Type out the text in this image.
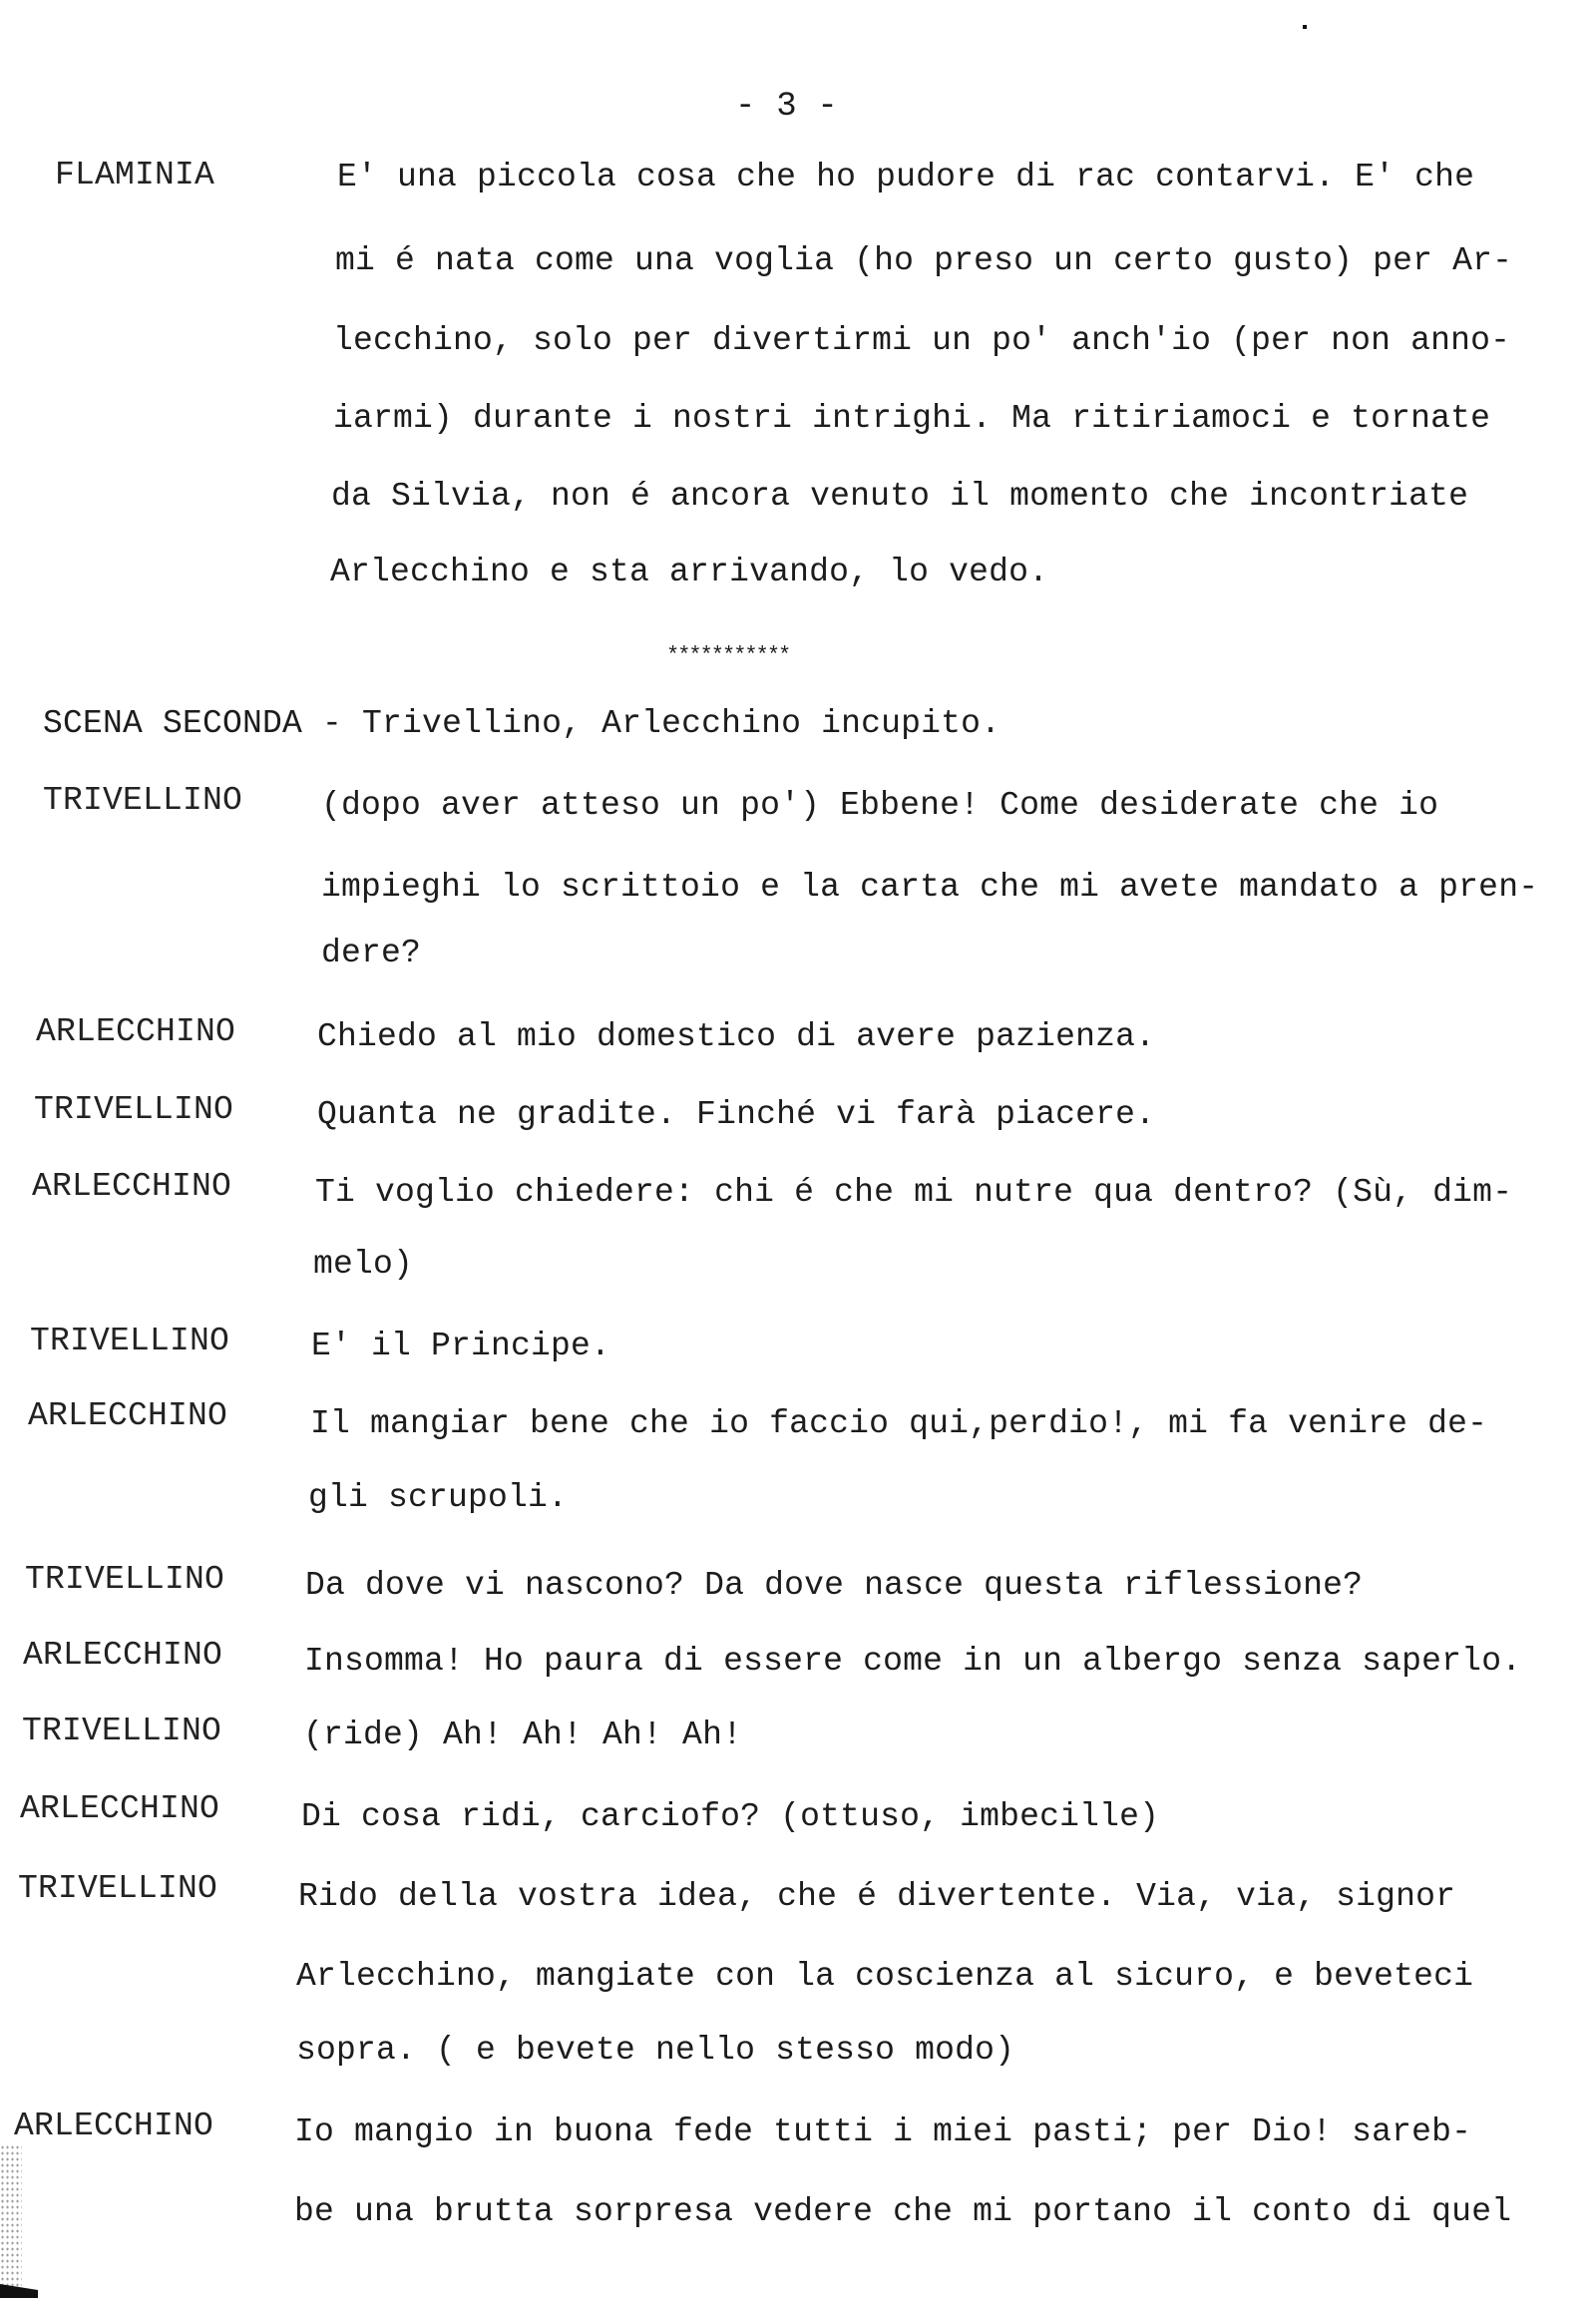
- 3 -
FLAMINIA	E' una piccola cosa che ho pudore di rac contarvi. E' che
mi é nata come una voglia (ho preso un certo gusto) per Ar-
lecchino, solo per divertirmi un po' anch'io (per non anno-
iarmi) durante i nostri intrighi. Ma ritiriamoci e tornate
da Silvia, non é ancora venuto il momento che incontriate
Arlecchino e sta arrivando, lo vedo.
***********
SCENA SECONDA - Trivellino, Arlecchino incupito.
TRIVELLINO (dopo aver atteso un po') Ebbene! Come desiderate che io
impieghi lo scrittoio e la carta che mi avete mandato a pren-
dere?
ARLECCHINO Chiedo al mio domestico di avere pazienza.
TRIVELLINO	Quanta ne gradite. Finché vi farà piacere.
ARLECCHINO	Ti voglio chiedere: chi é che mi nutre qua dentro? (Sù, dim-
melo)
TRIVELLINO E' il Principe.
ARLECCHINO	Il mangiar bene che io faccio qui,perdio!, mi fa venire de-
gli scrupoli.
TRIVELLINO Da dove vi nascono? Da dove nasce questa riflessione?
ARLECCHINO Insomma! Ho paura di essere come in un albergo senza saperlo.
TRIVELLINO (ride) Ah! Ah! Ah! Ah!
ARLECCHINO Di cosa ridi, carciofo? (ottuso, imbecille)
TRIVELLINO Rido della vostra idea, che é divertente. Via, via, signor
Arlecchino, mangiate con la coscienza al sicuro, e beveteci
sopra. ( e bevete nello stesso modo)
ARLECCHINO Io mangio in buona fede tutti i miei pasti; per Dio! sareb-
be una brutta sorpresa vedere che mi portano il conto di quel
